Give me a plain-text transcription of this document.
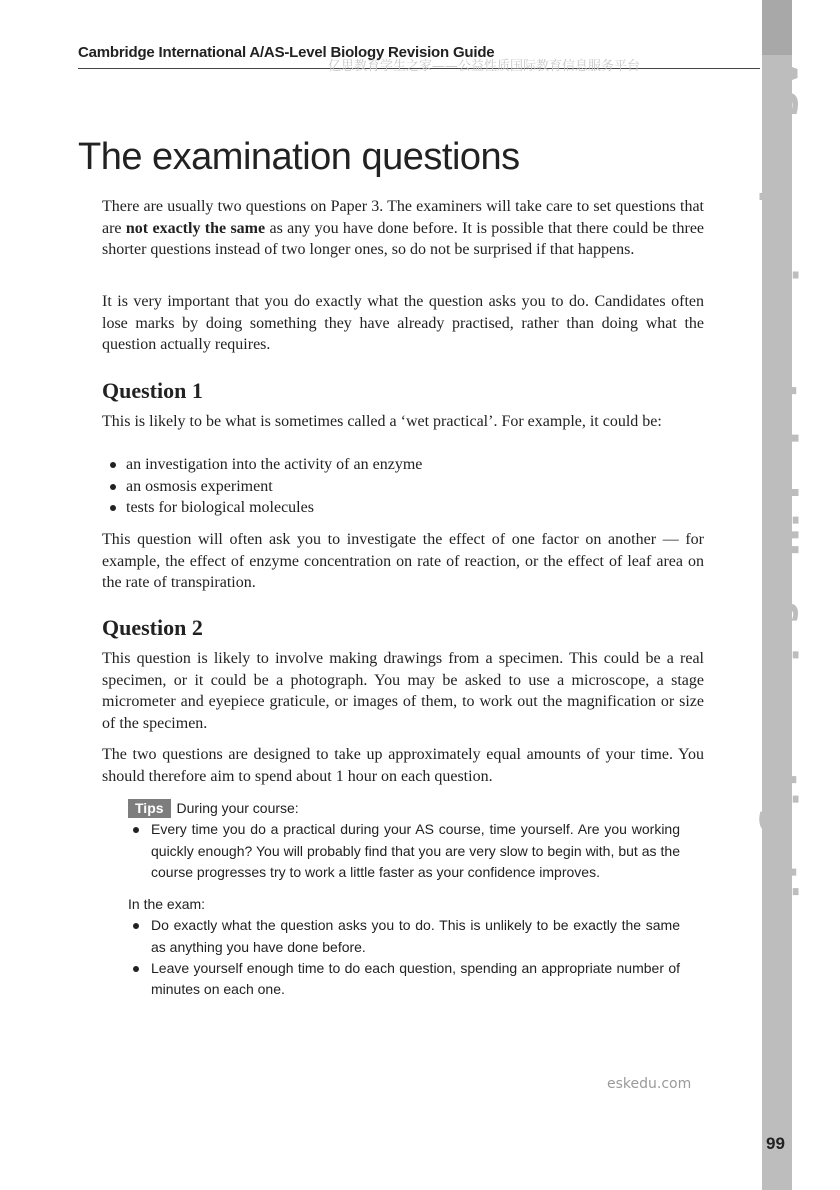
Cambridge International A/AS-Level Biology Revision Guide
亿思教育学生之家——公益性质国际教育信息服务平台	AS experimental skills & investigations
The examination questions

There are usually two questions on Paper 3. The examiners will take care to set questions that are not exactly the same as any you have done before. It is possible that there could be three shorter questions instead of two longer ones, so do not be surprised if that happens.

It is very important that you do exactly what the question asks you to do. Candidates often lose marks by doing something they have already practised, rather than doing what the question actually requires.

Question 1

This is likely to be what is sometimes called a ‘wet practical’. For example, it could be:

an investigation into the activity of an enzyme
an osmosis experiment
tests for biological molecules

This question will often ask you to investigate the effect of one factor on another — for example, the effect of enzyme concentration on rate of reaction, or the effect of leaf area on the rate of transpiration.

Question 2

This question is likely to involve making drawings from a specimen. This could be a real specimen, or it could be a photograph. You may be asked to use a microscope, a stage micrometer and eyepiece graticule, or images of them, to work out the magnification or size of the specimen.

The two questions are designed to take up approximately equal amounts of your time. You should therefore aim to spend about 1 hour on each question.

Tips During your course:
Every time you do a practical during your AS course, time yourself. Are you working quickly enough? You will probably find that you are very slow to begin with, but as the course progresses try to work a little faster as your confidence improves.
In the exam:
Do exactly what the question asks you to do. This is unlikely to be exactly the same as anything you have done before.
Leave yourself enough time to do each question, spending an appropriate number of minutes on each one.
eskedu.com
99
